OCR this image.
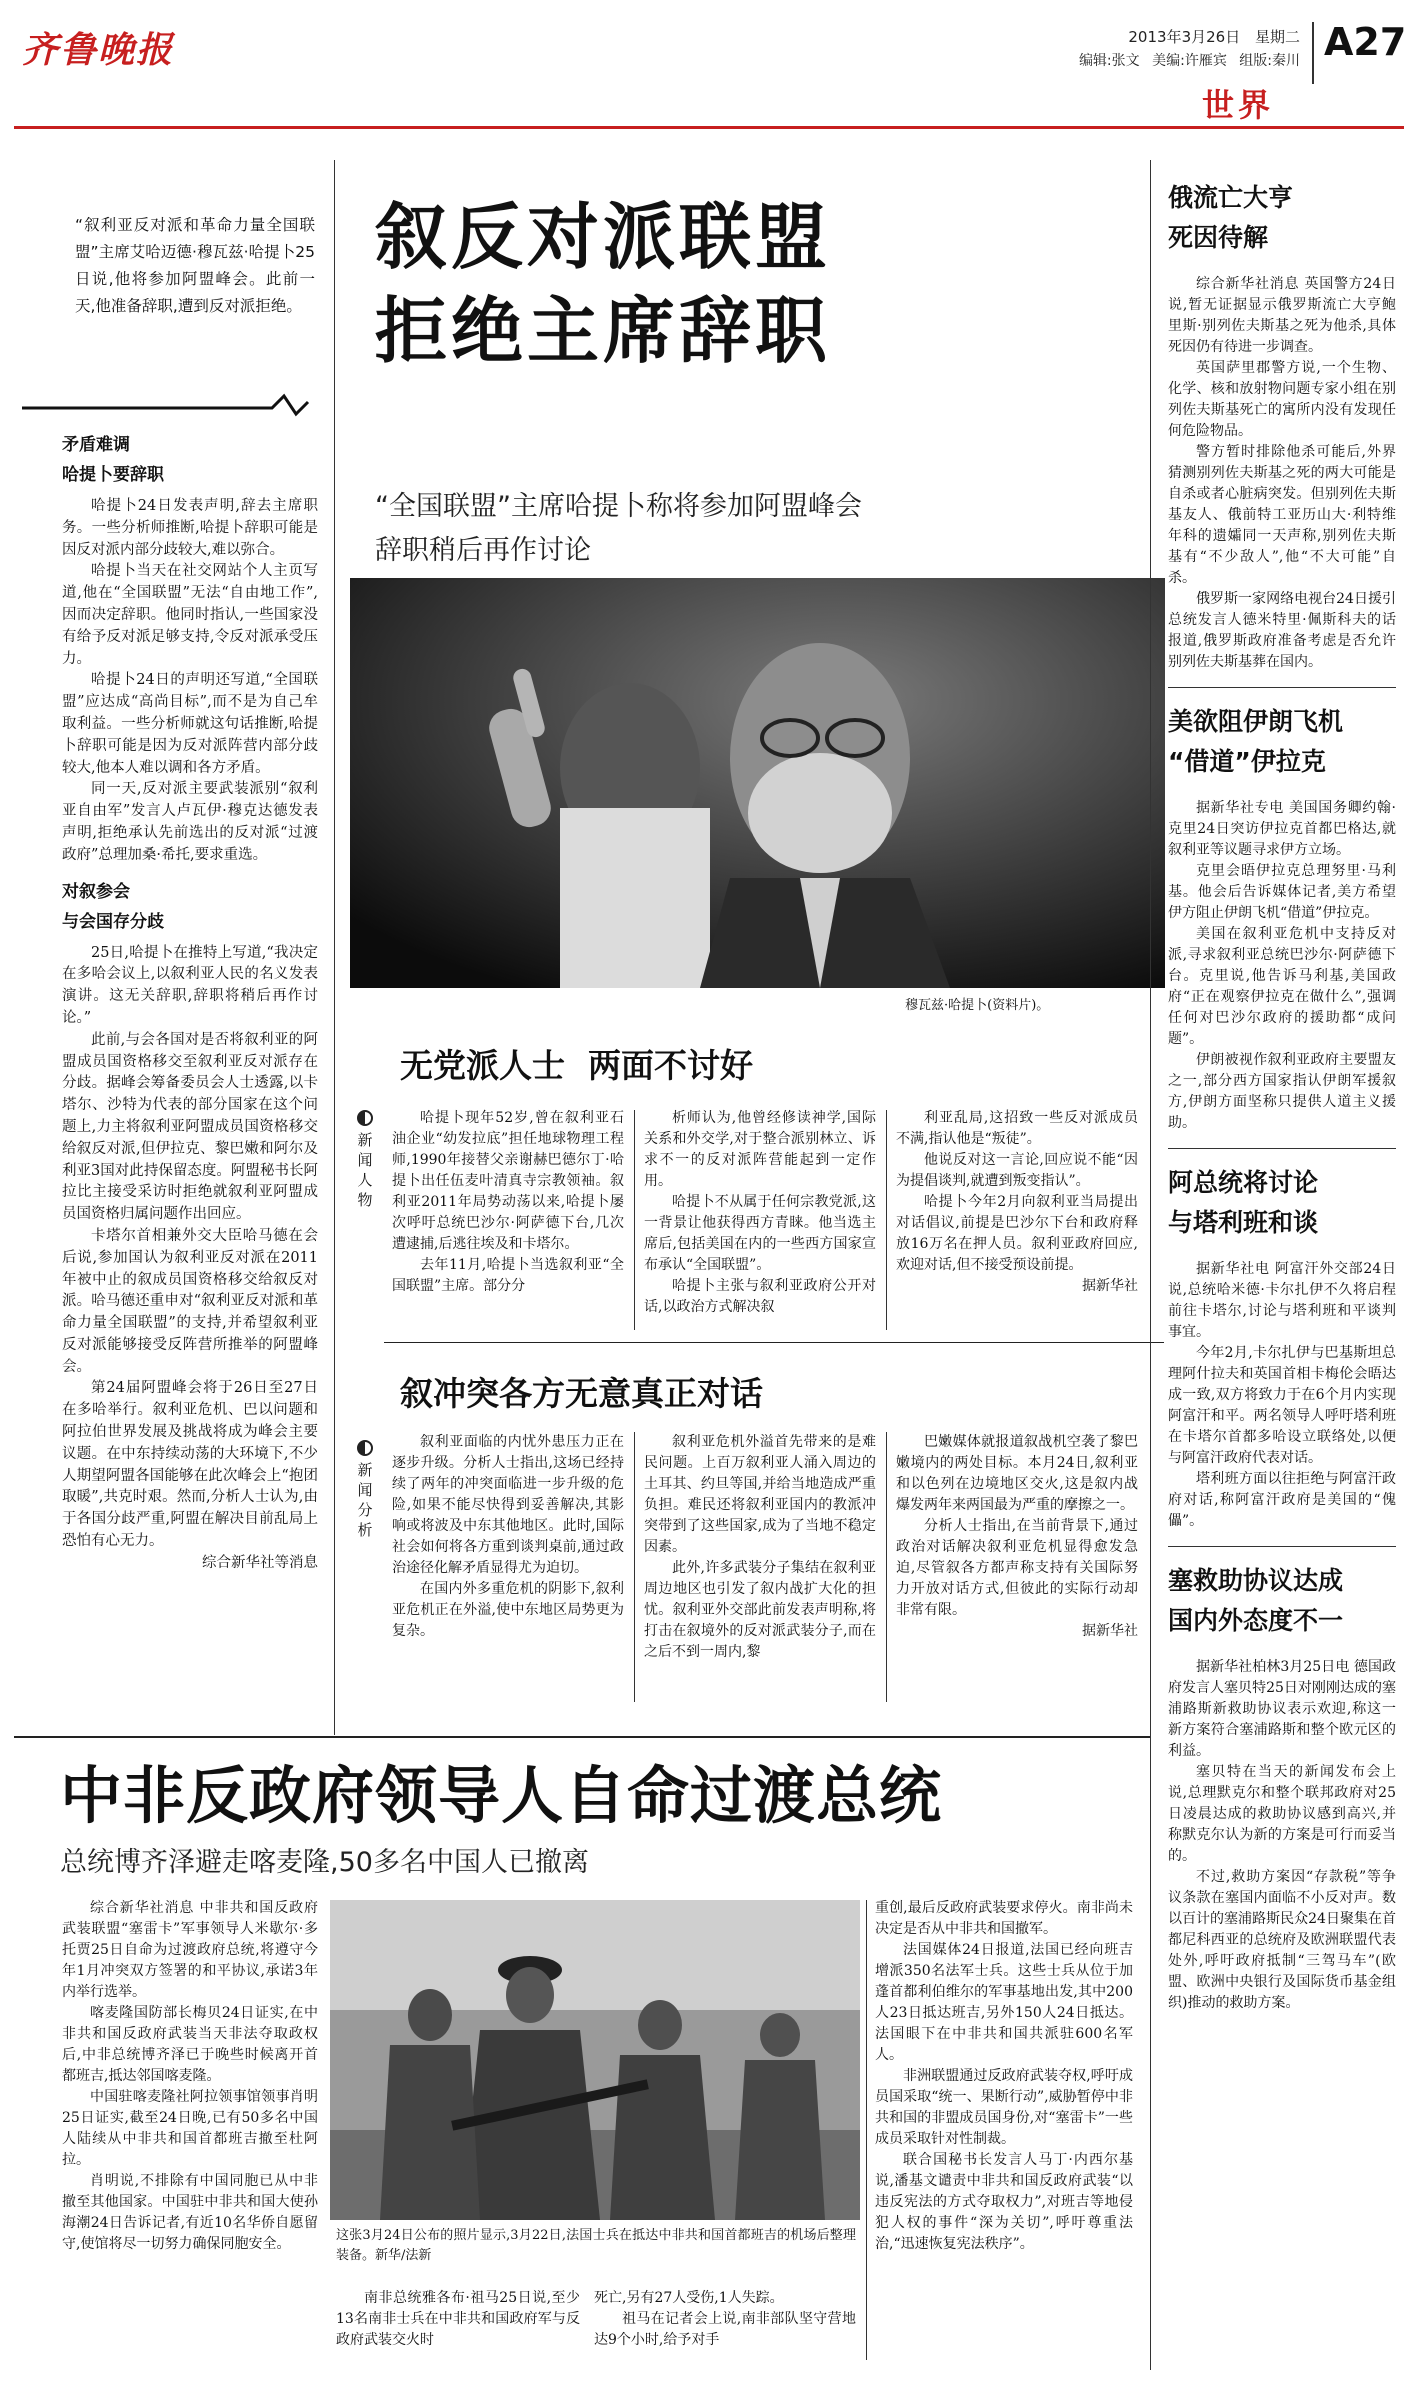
齐鲁晚报	2013年3月26日 星期二
编辑:张文 美编:许雁宾 组版:秦川 A27
世界
“叙利亚反对派和革命力量全国联盟”主席艾哈迈德·穆瓦兹·哈提卜25日说,他将参加阿盟峰会。此前一天,他准备辞职,遭到反对派拒绝。
矛盾难调
哈提卜要辞职

哈提卜24日发表声明,辞去主席职务。一些分析师推断,哈提卜辞职可能是因反对派内部分歧较大,难以弥合。

哈提卜当天在社交网站个人主页写道,他在“全国联盟”无法“自由地工作”,因而决定辞职。他同时指认,一些国家没有给予反对派足够支持,令反对派承受压力。

哈提卜24日的声明还写道,“全国联盟”应达成“高尚目标”,而不是为自己牟取利益。一些分析师就这句话推断,哈提卜辞职可能是因为反对派阵营内部分歧较大,他本人难以调和各方矛盾。

同一天,反对派主要武装派别“叙利亚自由军”发言人卢瓦伊·穆克达德发表声明,拒绝承认先前选出的反对派“过渡政府”总理加桑·希托,要求重选。

对叙参会
与会国存分歧

25日,哈提卜在推特上写道,“我决定在多哈会议上,以叙利亚人民的名义发表演讲。这无关辞职,辞职将稍后再作讨论。”

此前,与会各国对是否将叙利亚的阿盟成员国资格移交至叙利亚反对派存在分歧。据峰会筹备委员会人士透露,以卡塔尔、沙特为代表的部分国家在这个问题上,力主将叙利亚阿盟成员国资格移交给叙反对派,但伊拉克、黎巴嫩和阿尔及利亚3国对此持保留态度。阿盟秘书长阿拉比主接受采访时拒绝就叙利亚阿盟成员国资格归属问题作出回应。

卡塔尔首相兼外交大臣哈马德在会后说,参加国认为叙利亚反对派在2011年被中止的叙成员国资格移交给叙反对派。哈马德还重申对“叙利亚反对派和革命力量全国联盟”的支持,并希望叙利亚反对派能够接受反阵营所推举的阿盟峰会。

第24届阿盟峰会将于26日至27日在多哈举行。叙利亚危机、巴以问题和阿拉伯世界发展及挑战将成为峰会主要议题。在中东持续动荡的大环境下,不少人期望阿盟各国能够在此次峰会上“抱团取暖”,共克时艰。然而,分析人士认为,由于各国分歧严重,阿盟在解决目前乱局上恐怕有心无力。

综合新华社等消息
叙反对派联盟
拒绝主席辞职
“全国联盟”主席哈提卜称将参加阿盟峰会
辞职稍后再作讨论
穆瓦兹·哈提卜(资料片)。
新闻人物
无党派人士  两面不讨好

哈提卜现年52岁,曾在叙利亚石油企业“幼发拉底”担任地球物理工程师,1990年接替父亲谢赫巴德尔丁·哈提卜出任伍麦叶清真寺宗教领袖。叙利亚2011年局势动荡以来,哈提卜屡次呼吁总统巴沙尔·阿萨德下台,几次遭逮捕,后逃往埃及和卡塔尔。

去年11月,哈提卜当选叙利亚“全国联盟”主席。部分分

析师认为,他曾经修读神学,国际关系和外交学,对于整合派别林立、诉求不一的反对派阵营能起到一定作用。

哈提卜不从属于任何宗教党派,这一背景让他获得西方青睐。他当选主席后,包括美国在内的一些西方国家宣布承认“全国联盟”。

哈提卜主张与叙利亚政府公开对话,以政治方式解决叙

利亚乱局,这招致一些反对派成员不满,指认他是“叛徒”。

他说反对这一言论,回应说不能“因为提倡谈判,就遭到叛变指认”。

哈提卜今年2月向叙利亚当局提出对话倡议,前提是巴沙尔下台和政府释放16万名在押人员。叙利亚政府回应,欢迎对话,但不接受预设前提。

据新华社
新闻分析
叙冲突各方无意真正对话

叙利亚面临的内忧外患压力正在逐步升级。分析人士指出,这场已经持续了两年的冲突面临进一步升级的危险,如果不能尽快得到妥善解决,其影响或将波及中东其他地区。此时,国际社会如何将各方重到谈判桌前,通过政治途径化解矛盾显得尤为迫切。

在国内外多重危机的阴影下,叙利亚危机正在外溢,使中东地区局势更为复杂。

叙利亚危机外溢首先带来的是难民问题。上百万叙利亚人涌入周边的土耳其、约旦等国,并给当地造成严重负担。难民还将叙利亚国内的教派冲突带到了这些国家,成为了当地不稳定因素。

此外,许多武装分子集结在叙利亚周边地区也引发了叙内战扩大化的担忧。叙利亚外交部此前发表声明称,将打击在叙境外的反对派武装分子,而在之后不到一周内,黎

巴嫩媒体就报道叙战机空袭了黎巴嫩境内的两处目标。本月24日,叙利亚和以色列在边境地区交火,这是叙内战爆发两年来两国最为严重的摩擦之一。

分析人士指出,在当前背景下,通过政治对话解决叙利亚危机显得愈发急迫,尽管叙各方都声称支持有关国际努力开放对话方式,但彼此的实际行动却非常有限。

据新华社
俄流亡大亨
死因待解

综合新华社消息 英国警方24日说,暂无证据显示俄罗斯流亡大亨鲍里斯·别列佐夫斯基之死为他杀,具体死因仍有待进一步调查。

英国萨里郡警方说,一个生物、化学、核和放射物问题专家小组在别列佐夫斯基死亡的寓所内没有发现任何危险物品。

警方暂时排除他杀可能后,外界猜测别列佐夫斯基之死的两大可能是自杀或者心脏病突发。但别列佐夫斯基友人、俄前特工亚历山大·利特维年科的遗孀同一天声称,别列佐夫斯基有“不少敌人”,他“不大可能”自杀。

俄罗斯一家网络电视台24日援引总统发言人德米特里·佩斯科夫的话报道,俄罗斯政府准备考虑是否允许别列佐夫斯基葬在国内。

美欲阻伊朗飞机
“借道”伊拉克

据新华社专电 美国国务卿约翰·克里24日突访伊拉克首都巴格达,就叙利亚等议题寻求伊方立场。

克里会晤伊拉克总理努里·马利基。他会后告诉媒体记者,美方希望伊方阻止伊朗飞机“借道”伊拉克。

美国在叙利亚危机中支持反对派,寻求叙利亚总统巴沙尔·阿萨德下台。克里说,他告诉马利基,美国政府“正在观察伊拉克在做什么”,强调任何对巴沙尔政府的援助都“成问题”。

伊朗被视作叙利亚政府主要盟友之一,部分西方国家指认伊朗军援叙方,伊朗方面坚称只提供人道主义援助。

阿总统将讨论
与塔利班和谈

据新华社电 阿富汗外交部24日说,总统哈米德·卡尔扎伊不久将启程前往卡塔尔,讨论与塔利班和平谈判事宜。

今年2月,卡尔扎伊与巴基斯坦总理阿什拉夫和英国首相卡梅伦会晤达成一致,双方将致力于在6个月内实现阿富汗和平。两名领导人呼吁塔利班在卡塔尔首都多哈设立联络处,以便与阿富汗政府代表对话。

塔利班方面以往拒绝与阿富汗政府对话,称阿富汗政府是美国的“傀儡”。

塞救助协议达成
国内外态度不一

据新华社柏林3月25日电 德国政府发言人塞贝特25日对刚刚达成的塞浦路斯新救助协议表示欢迎,称这一新方案符合塞浦路斯和整个欧元区的利益。

塞贝特在当天的新闻发布会上说,总理默克尔和整个联邦政府对25日凌晨达成的救助协议感到高兴,并称默克尔认为新的方案是可行而妥当的。

不过,救助方案因“存款税”等争议条款在塞国内面临不小反对声。数以百计的塞浦路斯民众24日聚集在首都尼科西亚的总统府及欧洲联盟代表处外,呼吁政府抵制“三驾马车”(欧盟、欧洲中央银行及国际货币基金组织)推动的救助方案。

中非反政府领导人自命过渡总统
总统博齐泽避走喀麦隆,50多名中国人已撤离

综合新华社消息 中非共和国反政府武装联盟“塞雷卡”军事领导人米歇尔·多托贾25日自命为过渡政府总统,将遵守今年1月冲突双方签署的和平协议,承诺3年内举行选举。

喀麦隆国防部长梅贝24日证实,在中非共和国反政府武装当天非法夺取政权后,中非总统博齐泽已于晚些时候离开首都班吉,抵达邻国喀麦隆。

中国驻喀麦隆社阿拉领事馆领事肖明25日证实,截至24日晚,已有50多名中国人陆续从中非共和国首都班吉撤至杜阿拉。

肖明说,不排除有中国同胞已从中非撤至其他国家。中国驻中非共和国大使孙海潮24日告诉记者,有近10名华侨自愿留守,使馆将尽一切努力确保同胞安全。

这张3月24日公布的照片显示,3月22日,法国士兵在抵达中非共和国首都班吉的机场后整理装备。新华/法新

南非总统雅各布·祖马25日说,至少13名南非士兵在中非共和国政府军与反政府武装交火时

死亡,另有27人受伤,1人失踪。

祖马在记者会上说,南非部队坚守营地达9个小时,给予对手

重创,最后反政府武装要求停火。南非尚未决定是否从中非共和国撤军。

法国媒体24日报道,法国已经向班吉增派350名法军士兵。这些士兵从位于加蓬首都利伯维尔的军事基地出发,其中200人23日抵达班吉,另外150人24日抵达。法国眼下在中非共和国共派驻600名军人。

非洲联盟通过反政府武装夺权,呼吁成员国采取“统一、果断行动”,威胁暂停中非共和国的非盟成员国身份,对“塞雷卡”一些成员采取针对性制裁。

联合国秘书长发言人马丁·内西尔基说,潘基文谴责中非共和国反政府武装“以违反宪法的方式夺取权力”,对班吉等地侵犯人权的事件“深为关切”,呼吁尊重法治,“迅速恢复宪法秩序”。
